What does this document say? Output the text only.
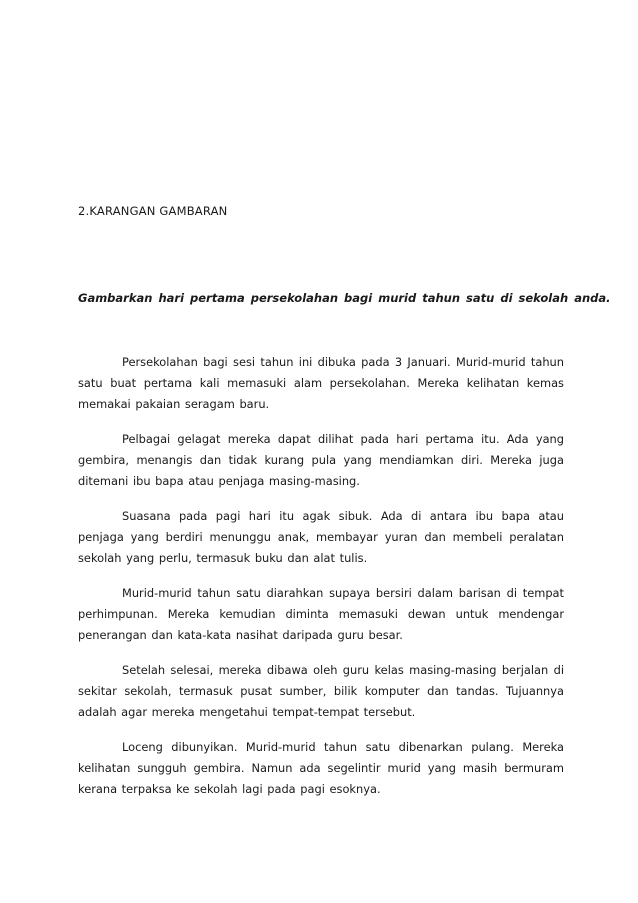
2.KARANGAN GAMBARAN

Gambarkan hari pertama persekolahan bagi murid tahun satu di sekolah anda.

Persekolahan bagi sesi tahun ini dibuka pada 3 Januari. Murid-murid tahun satu buat pertama kali memasuki alam persekolahan. Mereka kelihatan kemas memakai pakaian seragam baru.

Pelbagai gelagat mereka dapat dilihat pada hari pertama itu. Ada yang gembira, menangis dan tidak kurang pula yang mendiamkan diri. Mereka juga ditemani ibu bapa atau penjaga masing-masing.

Suasana pada pagi hari itu agak sibuk. Ada di antara ibu bapa atau penjaga yang berdiri menunggu anak, membayar yuran dan membeli peralatan sekolah yang perlu, termasuk buku dan alat tulis.

Murid-murid tahun satu diarahkan supaya bersiri dalam barisan di tempat perhimpunan. Mereka kemudian diminta memasuki dewan untuk mendengar penerangan dan kata-kata nasihat daripada guru besar.

Setelah selesai, mereka dibawa oleh guru kelas masing-masing berjalan di sekitar sekolah, termasuk pusat sumber, bilik komputer dan tandas. Tujuannya adalah agar mereka mengetahui tempat-tempat tersebut.

Loceng dibunyikan. Murid-murid tahun satu dibenarkan pulang. Mereka kelihatan sungguh gembira. Namun ada segelintir murid yang masih bermuram kerana terpaksa ke sekolah lagi pada pagi esoknya.
